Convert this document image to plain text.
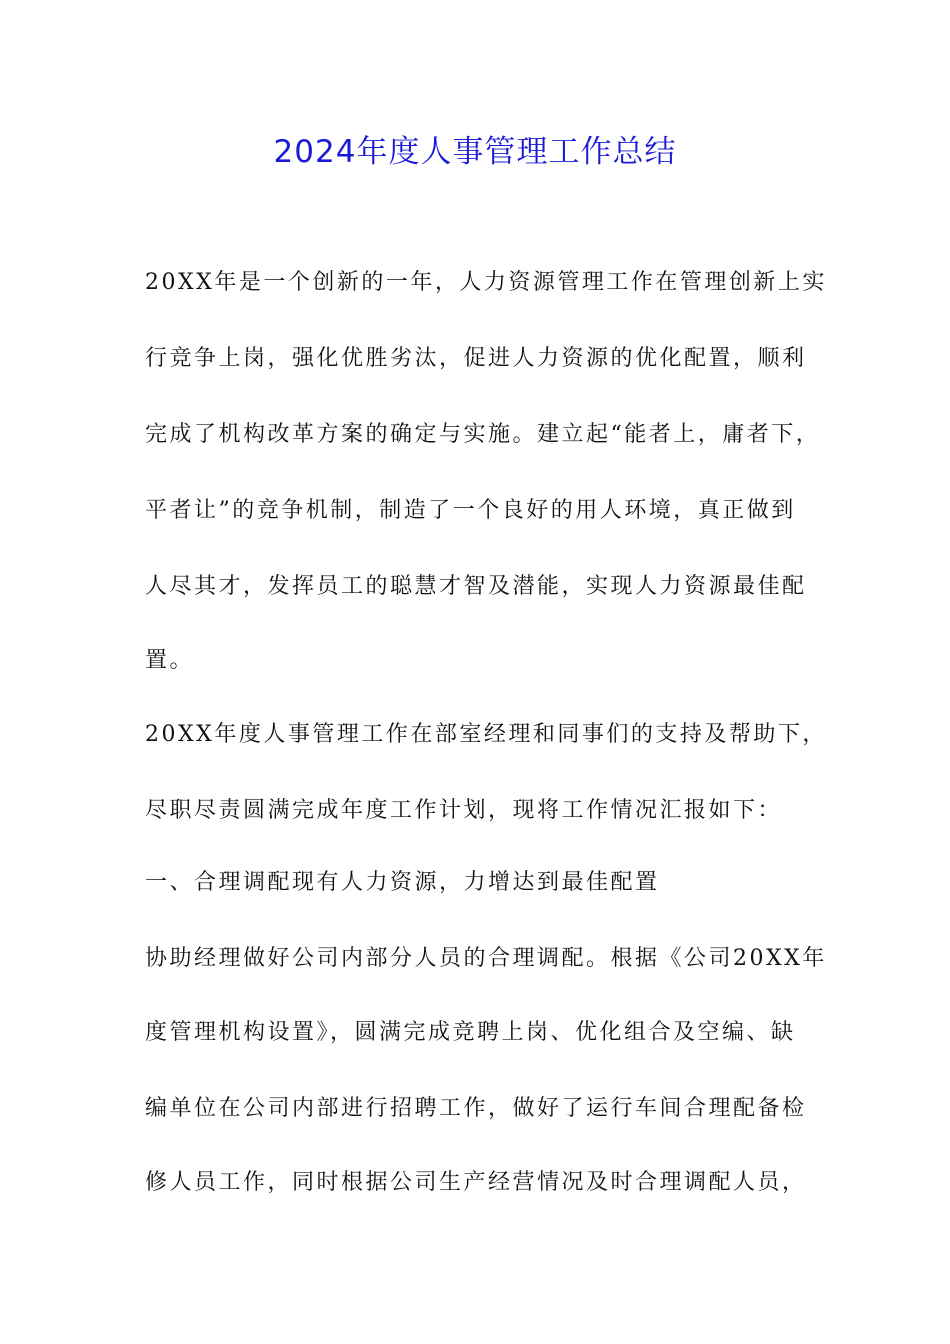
2024年度人事管理工作总结
20XX年是一个创新的一年，人力资源管理工作在管理创新上实
行竞争上岗，强化优胜劣汰，促进人力资源的优化配置，顺利
完成了机构改革方案的确定与实施。建立起“能者上，庸者下，
平者让”的竞争机制，制造了一个良好的用人环境，真正做到
人尽其才，发挥员工的聪慧才智及潜能，实现人力资源最佳配
置。
20XX年度人事管理工作在部室经理和同事们的支持及帮助下，
尽职尽责圆满完成年度工作计划，现将工作情况汇报如下：
一、合理调配现有人力资源，力增达到最佳配置
协助经理做好公司内部分人员的合理调配。根据《公司20XX年
度管理机构设置》，圆满完成竞聘上岗、优化组合及空编、缺
编单位在公司内部进行招聘工作，做好了运行车间合理配备检
修人员工作，同时根据公司生产经营情况及时合理调配人员，
